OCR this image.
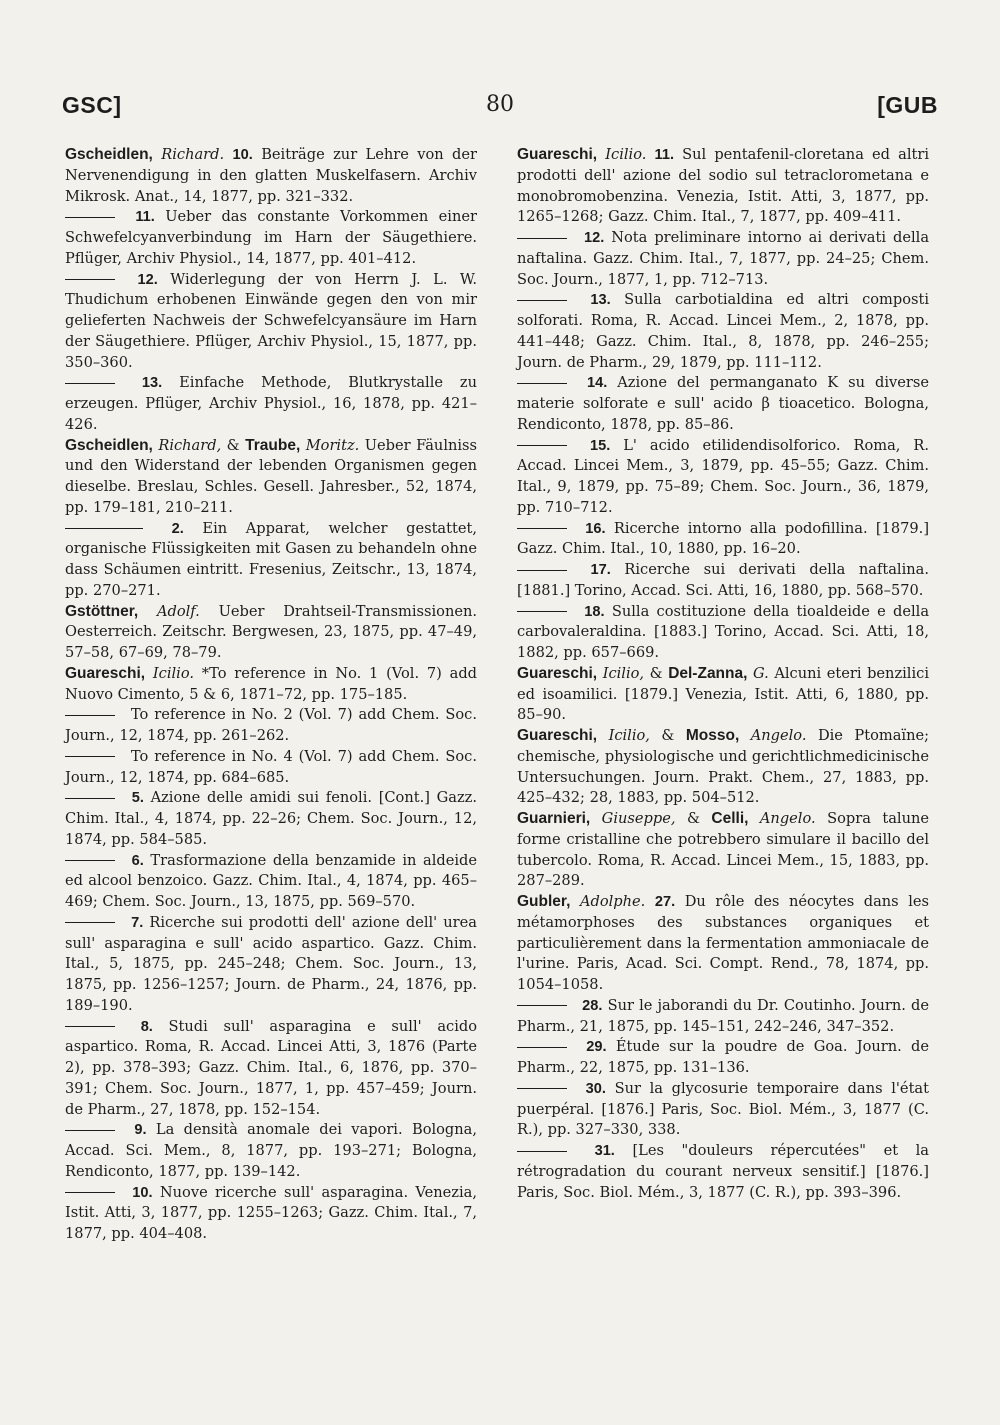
GSC]	80	[GUB

Gscheidlen, Richard. 10. Beiträge zur Lehre von der Nervenendigung in den glatten Muskelfasern. Archiv Mikrosk. Anat., 14, 1877, pp. 321–332.

11. Ueber das constante Vorkommen einer Schwefelcyanverbindung im Harn der Säugethiere. Pflüger, Archiv Physiol., 14, 1877, pp. 401–412.

12. Widerlegung der von Herrn J. L. W. Thudichum erhobenen Einwände gegen den von mir gelieferten Nachweis der Schwefelcyansäure im Harn der Säugethiere. Pflüger, Archiv Physiol., 15, 1877, pp. 350–360.

13. Einfache Methode, Blutkrystalle zu erzeugen. Pflüger, Archiv Physiol., 16, 1878, pp. 421–426.

Gscheidlen, Richard, & Traube, Moritz. Ueber Fäulniss und den Widerstand der lebenden Organismen gegen dieselbe. Breslau, Schles. Gesell. Jahresber., 52, 1874, pp. 179–181, 210–211.

2. Ein Apparat, welcher gestattet, organische Flüssigkeiten mit Gasen zu behandeln ohne dass Schäumen eintritt. Fresenius, Zeitschr., 13, 1874, pp. 270–271.

Gstöttner, Adolf. Ueber Drahtseil-Transmissionen. Oesterreich. Zeitschr. Bergwesen, 23, 1875, pp. 47–49, 57–58, 67–69, 78–79.

Guareschi, Icilio. *To reference in No. 1 (Vol. 7) add Nuovo Cimento, 5 & 6, 1871–72, pp. 175–185.

To reference in No. 2 (Vol. 7) add Chem. Soc. Journ., 12, 1874, pp. 261–262.

To reference in No. 4 (Vol. 7) add Chem. Soc. Journ., 12, 1874, pp. 684–685.

5. Azione delle amidi sui fenoli. [Cont.] Gazz. Chim. Ital., 4, 1874, pp. 22–26; Chem. Soc. Journ., 12, 1874, pp. 584–585.

6. Trasformazione della benzamide in aldeide ed alcool benzoico. Gazz. Chim. Ital., 4, 1874, pp. 465–469; Chem. Soc. Journ., 13, 1875, pp. 569–570.

7. Ricerche sui prodotti dell' azione dell' urea sull' asparagina e sull' acido aspartico. Gazz. Chim. Ital., 5, 1875, pp. 245–248; Chem. Soc. Journ., 13, 1875, pp. 1256–1257; Journ. de Pharm., 24, 1876, pp. 189–190.

8. Studi sull' asparagina e sull' acido aspartico. Roma, R. Accad. Lincei Atti, 3, 1876 (Parte 2), pp. 378–393; Gazz. Chim. Ital., 6, 1876, pp. 370–391; Chem. Soc. Journ., 1877, 1, pp. 457–459; Journ. de Pharm., 27, 1878, pp. 152–154.

9. La densità anomale dei vapori. Bologna, Accad. Sci. Mem., 8, 1877, pp. 193–271; Bologna, Rendiconto, 1877, pp. 139–142.

10. Nuove ricerche sull' asparagina. Venezia, Istit. Atti, 3, 1877, pp. 1255–1263; Gazz. Chim. Ital., 7, 1877, pp. 404–408.

Guareschi, Icilio. 11. Sul pentafenil-cloretana ed altri prodotti dell' azione del sodio sul tetraclorometana e monobromobenzina. Venezia, Istit. Atti, 3, 1877, pp. 1265–1268; Gazz. Chim. Ital., 7, 1877, pp. 409–411.

12. Nota preliminare intorno ai derivati della naftalina. Gazz. Chim. Ital., 7, 1877, pp. 24–25; Chem. Soc. Journ., 1877, 1, pp. 712–713.

13. Sulla carbotialdina ed altri composti solforati. Roma, R. Accad. Lincei Mem., 2, 1878, pp. 441–448; Gazz. Chim. Ital., 8, 1878, pp. 246–255; Journ. de Pharm., 29, 1879, pp. 111–112.

14. Azione del permanganato K su diverse materie solforate e sull' acido β tioacetico. Bologna, Rendiconto, 1878, pp. 85–86.

15. L' acido etilidendisolforico. Roma, R. Accad. Lincei Mem., 3, 1879, pp. 45–55; Gazz. Chim. Ital., 9, 1879, pp. 75–89; Chem. Soc. Journ., 36, 1879, pp. 710–712.

16. Ricerche intorno alla podofillina. [1879.] Gazz. Chim. Ital., 10, 1880, pp. 16–20.

17. Ricerche sui derivati della naftalina. [1881.] Torino, Accad. Sci. Atti, 16, 1880, pp. 568–570.

18. Sulla costituzione della tioaldeide e della carbovaleraldina. [1883.] Torino, Accad. Sci. Atti, 18, 1882, pp. 657–669.

Guareschi, Icilio, & Del-Zanna, G. Alcuni eteri benzilici ed isoamilici. [1879.] Venezia, Istit. Atti, 6, 1880, pp. 85–90.

Guareschi, Icilio, & Mosso, Angelo. Die Ptomaïne; chemische, physiologische und gerichtlichmedicinische Untersuchungen. Journ. Prakt. Chem., 27, 1883, pp. 425–432; 28, 1883, pp. 504–512.

Guarnieri, Giuseppe, & Celli, Angelo. Sopra talune forme cristalline che potrebbero simulare il bacillo del tubercolo. Roma, R. Accad. Lincei Mem., 15, 1883, pp. 287–289.

Gubler, Adolphe. 27. Du rôle des néocytes dans les métamorphoses des substances organiques et particulièrement dans la fermentation ammoniacale de l'urine. Paris, Acad. Sci. Compt. Rend., 78, 1874, pp. 1054–1058.

28. Sur le jaborandi du Dr. Coutinho. Journ. de Pharm., 21, 1875, pp. 145–151, 242–246, 347–352.

29. Étude sur la poudre de Goa. Journ. de Pharm., 22, 1875, pp. 131–136.

30. Sur la glycosurie temporaire dans l'état puerpéral. [1876.] Paris, Soc. Biol. Mém., 3, 1877 (C. R.), pp. 327–330, 338.

31. [Les "douleurs répercutées" et la rétrogradation du courant nerveux sensitif.] [1876.] Paris, Soc. Biol. Mém., 3, 1877 (C. R.), pp. 393–396.
